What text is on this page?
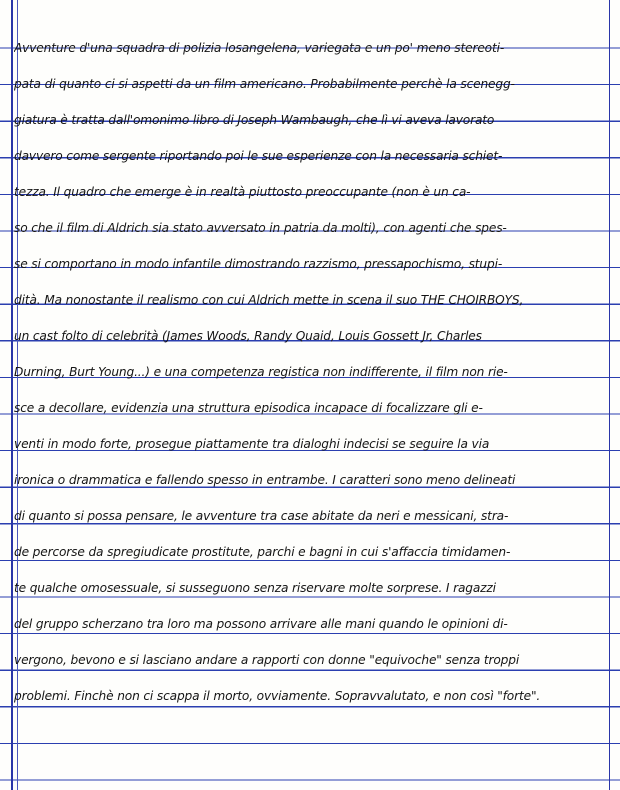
Avventure d'una squadra di polizia losangelena, variegata e un po' meno stereoti-
pata di quanto ci si aspetti da un film americano. Probabilmente perchè la scenegg-
giatura è tratta dall'omonimo libro di Joseph Wambaugh, che lì vi aveva lavorato
davvero come sergente riportando poi le sue esperienze con la necessaria schiet-
tezza. Il quadro che emerge è in realtà piuttosto preoccupante (non è un ca-
so che il film di Aldrich sia stato avversato in patria da molti), con agenti che spes-
se si comportano in modo infantile dimostrando razzismo, pressapochismo, stupi-
dità. Ma nonostante il realismo con cui Aldrich mette in scena il suo THE CHOIRBOYS,
un cast folto di celebrità (James Woods, Randy Quaid, Louis Gossett Jr, Charles
Durning, Burt Young...) e una competenza registica non indifferente, il film non rie-
sce a decollare, evidenzia una struttura episodica incapace di focalizzare gli e-
venti in modo forte, prosegue piattamente tra dialoghi indecisi se seguire la via
ironica o drammatica e fallendo spesso in entrambe. I caratteri sono meno delineati
di quanto si possa pensare, le avventure tra case abitate da neri e messicani, stra-
de percorse da spregiudicate prostitute, parchi e bagni in cui s'affaccia timidamen-
te qualche omosessuale, si susseguono senza riservare molte sorprese. I ragazzi
del gruppo scherzano tra loro ma possono arrivare alle mani quando le opinioni di-
vergono, bevono e si lasciano andare a rapporti con donne "equivoche" senza troppi
problemi. Finchè non ci scappa il morto, ovviamente. Sopravvalutato, e non così "forte".
